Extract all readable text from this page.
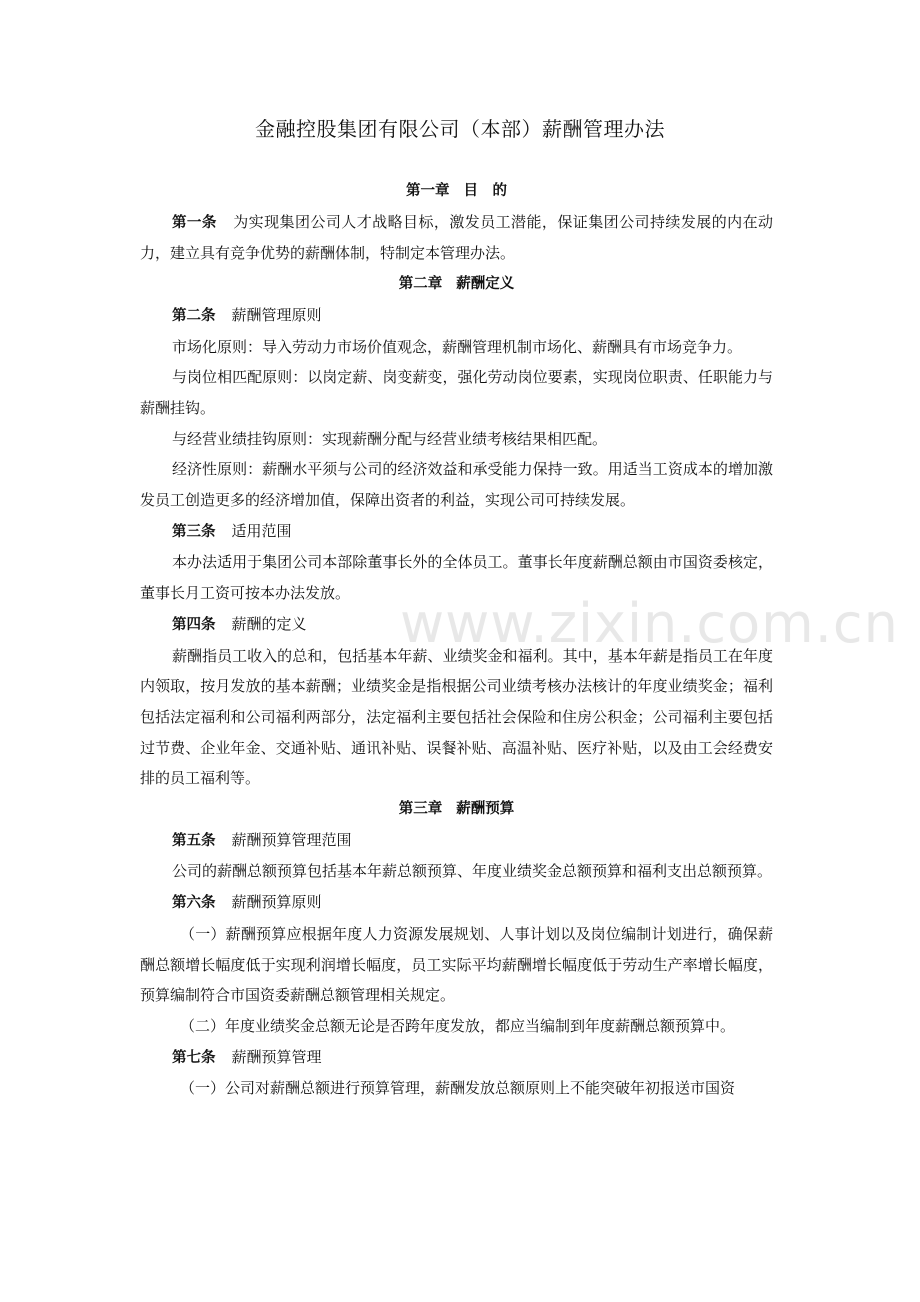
金融控股集团有限公司（本部）薪酬管理办法
第一章 目　的

第一条 为实现集团公司人才战略目标，激发员工潜能，保证集团公司持续发展的内在动力，建立具有竞争优势的薪酬体制，特制定本管理办法。

第二章 薪酬定义

第二条 薪酬管理原则

市场化原则：导入劳动力市场价值观念，薪酬管理机制市场化、薪酬具有市场竞争力。

与岗位相匹配原则：以岗定薪、岗变薪变，强化劳动岗位要素，实现岗位职责、任职能力与薪酬挂钩。

与经营业绩挂钩原则：实现薪酬分配与经营业绩考核结果相匹配。

经济性原则：薪酬水平须与公司的经济效益和承受能力保持一致。用适当工资成本的增加激发员工创造更多的经济增加值，保障出资者的利益，实现公司可持续发展。

第三条 适用范围

本办法适用于集团公司本部除董事长外的全体员工。董事长年度薪酬总额由市国资委核定，董事长月工资可按本办法发放。

第四条 薪酬的定义

薪酬指员工收入的总和，包括基本年薪、业绩奖金和福利。其中，基本年薪是指员工在年度内领取，按月发放的基本薪酬；业绩奖金是指根据公司业绩考核办法核计的年度业绩奖金；福利包括法定福利和公司福利两部分，法定福利主要包括社会保险和住房公积金；公司福利主要包括过节费、企业年金、交通补贴、通讯补贴、误餐补贴、高温补贴、医疗补贴，以及由工会经费安排的员工福利等。

第三章 薪酬预算

第五条 薪酬预算管理范围

公司的薪酬总额预算包括基本年薪总额预算、年度业绩奖金总额预算和福利支出总额预算。

第六条 薪酬预算原则

（一）薪酬预算应根据年度人力资源发展规划、人事计划以及岗位编制计划进行，确保薪酬总额增长幅度低于实现利润增长幅度，员工实际平均薪酬增长幅度低于劳动生产率增长幅度，预算编制符合市国资委薪酬总额管理相关规定。

（二）年度业绩奖金总额无论是否跨年度发放，都应当编制到年度薪酬总额预算中。

第七条 薪酬预算管理

（一）公司对薪酬总额进行预算管理，薪酬发放总额原则上不能突破年初报送市国资

www.zixin.com.cn
